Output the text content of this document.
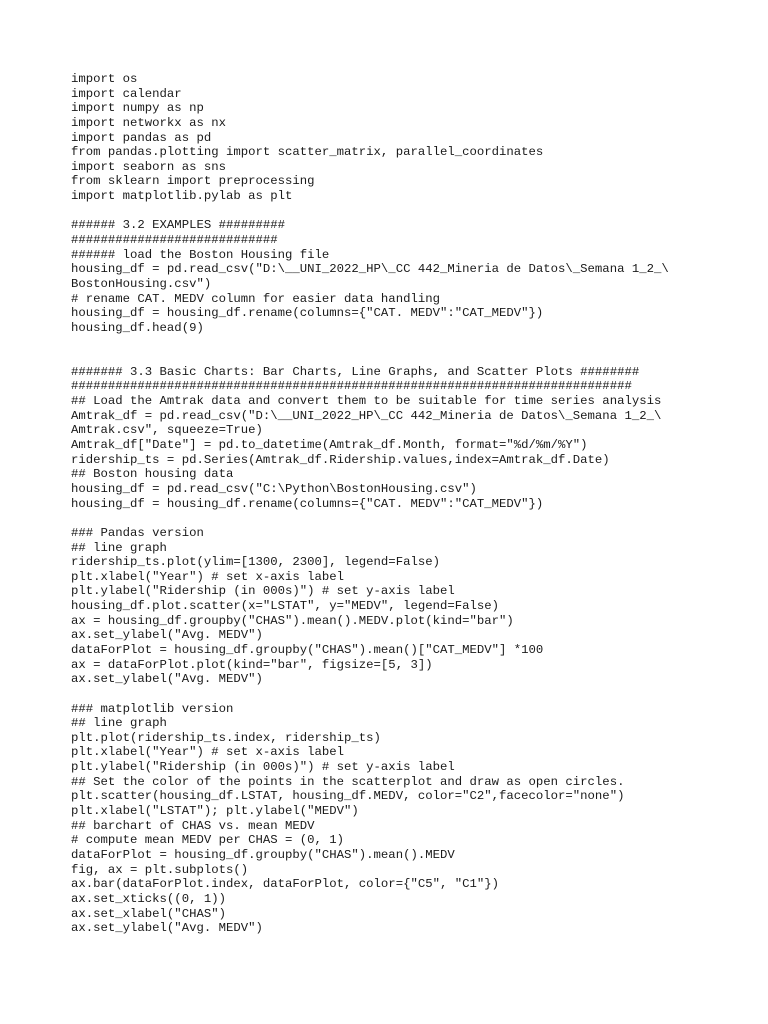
import os
import calendar
import numpy as np
import networkx as nx
import pandas as pd
from pandas.plotting import scatter_matrix, parallel_coordinates
import seaborn as sns
from sklearn import preprocessing
import matplotlib.pylab as plt
###### 3.2 EXAMPLES #########
############################
###### load the Boston Housing file
housing_df = pd.read_csv("D:\__UNI_2022_HP\_CC 442_Mineria de Datos\_Semana 1_2_\
BostonHousing.csv")
# rename CAT. MEDV column for easier data handling
housing_df = housing_df.rename(columns={"CAT. MEDV":"CAT_MEDV"})
housing_df.head(9)
####### 3.3 Basic Charts: Bar Charts, Line Graphs, and Scatter Plots ########
############################################################################
## Load the Amtrak data and convert them to be suitable for time series analysis
Amtrak_df = pd.read_csv("D:\__UNI_2022_HP\_CC 442_Mineria de Datos\_Semana 1_2_\
Amtrak.csv", squeeze=True)
Amtrak_df["Date"] = pd.to_datetime(Amtrak_df.Month, format="%d/%m/%Y")
ridership_ts = pd.Series(Amtrak_df.Ridership.values,index=Amtrak_df.Date)
## Boston housing data
housing_df = pd.read_csv("C:\Python\BostonHousing.csv")
housing_df = housing_df.rename(columns={"CAT. MEDV":"CAT_MEDV"})
### Pandas version
## line graph
ridership_ts.plot(ylim=[1300, 2300], legend=False)
plt.xlabel("Year") # set x-axis label
plt.ylabel("Ridership (in 000s)") # set y-axis label
housing_df.plot.scatter(x="LSTAT", y="MEDV", legend=False)
ax = housing_df.groupby("CHAS").mean().MEDV.plot(kind="bar")
ax.set_ylabel("Avg. MEDV")
dataForPlot = housing_df.groupby("CHAS").mean()["CAT_MEDV"] *100
ax = dataForPlot.plot(kind="bar", figsize=[5, 3])
ax.set_ylabel("Avg. MEDV")
### matplotlib version
## line graph
plt.plot(ridership_ts.index, ridership_ts)
plt.xlabel("Year") # set x-axis label
plt.ylabel("Ridership (in 000s)") # set y-axis label
## Set the color of the points in the scatterplot and draw as open circles.
plt.scatter(housing_df.LSTAT, housing_df.MEDV, color="C2",facecolor="none")
plt.xlabel("LSTAT"); plt.ylabel("MEDV")
## barchart of CHAS vs. mean MEDV
# compute mean MEDV per CHAS = (0, 1)
dataForPlot = housing_df.groupby("CHAS").mean().MEDV
fig, ax = plt.subplots()
ax.bar(dataForPlot.index, dataForPlot, color={"C5", "C1"})
ax.set_xticks((0, 1))
ax.set_xlabel("CHAS")
ax.set_ylabel("Avg. MEDV")
